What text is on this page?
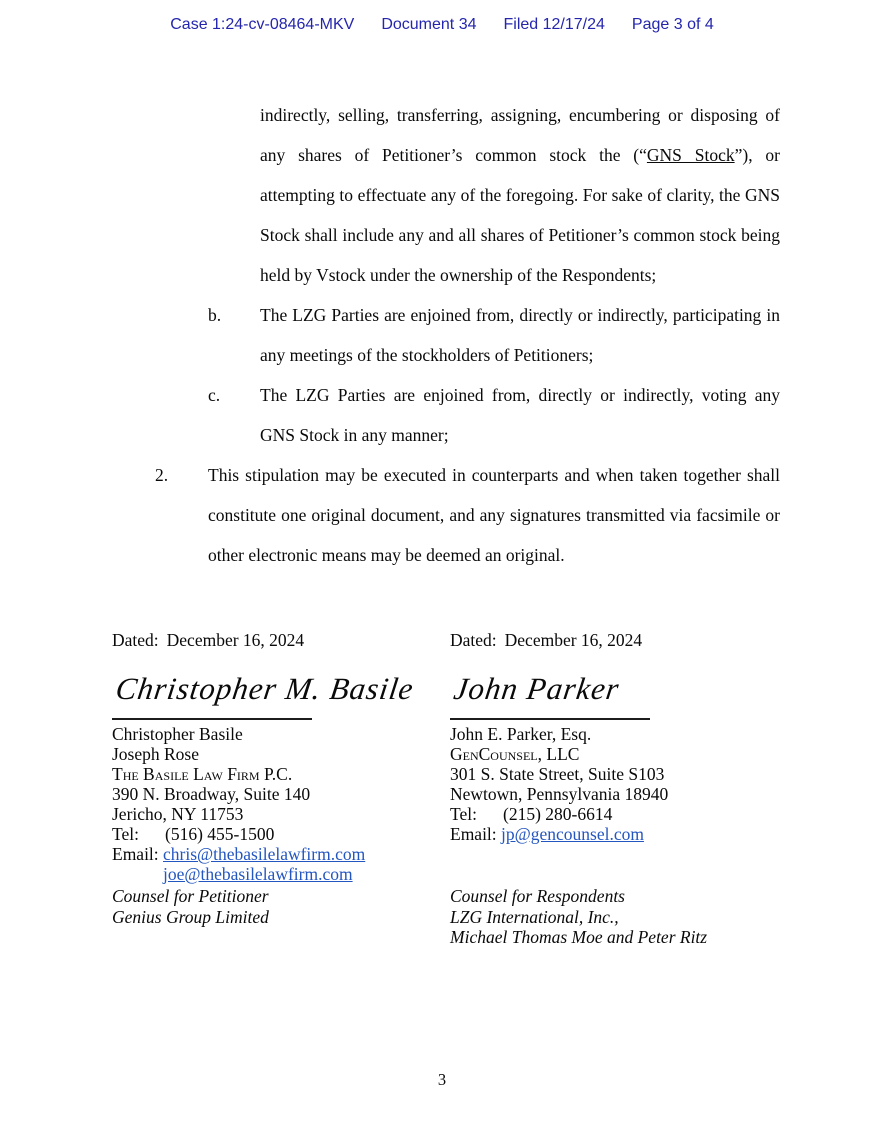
Case 1:24-cv-08464-MKV Document 34 Filed 12/17/24 Page 3 of 4

indirectly, selling, transferring, assigning, encumbering or disposing of any shares of Petitioner’s common stock the (“GNS Stock”), or attempting to effectuate any of the foregoing. For sake of clarity, the GNS Stock shall include any and all shares of Petitioner’s common stock being held by Vstock under the ownership of the Respondents;

b. The LZG Parties are enjoined from, directly or indirectly, participating in any meetings of the stockholders of Petitioners;
c. The LZG Parties are enjoined from, directly or indirectly, voting any GNS Stock in any manner;
2. This stipulation may be executed in counterparts and when taken together shall constitute one original document, and any signatures transmitted via facsimile or other electronic means may be deemed an original.
Dated: December 16, 2024
Christopher M. Basile
Christopher Basile
Joseph Rose
The Basile Law Firm P.C.
390 N. Broadway, Suite 140
Jericho, NY 11753
Tel: (516) 455-1500
Email: chris@thebasilelawfirm.com
joe@thebasilelawfirm.com
Dated: December 16, 2024
John Parker
John E. Parker, Esq.
GenCounsel, LLC
301 S. State Street, Suite S103
Newtown, Pennsylvania 18940
Tel: (215) 280-6614
Email: jp@gencounsel.com
Counsel for Petitioner
Genius Group Limited
Counsel for Respondents
LZG International, Inc.,
Michael Thomas Moe and Peter Ritz
3
